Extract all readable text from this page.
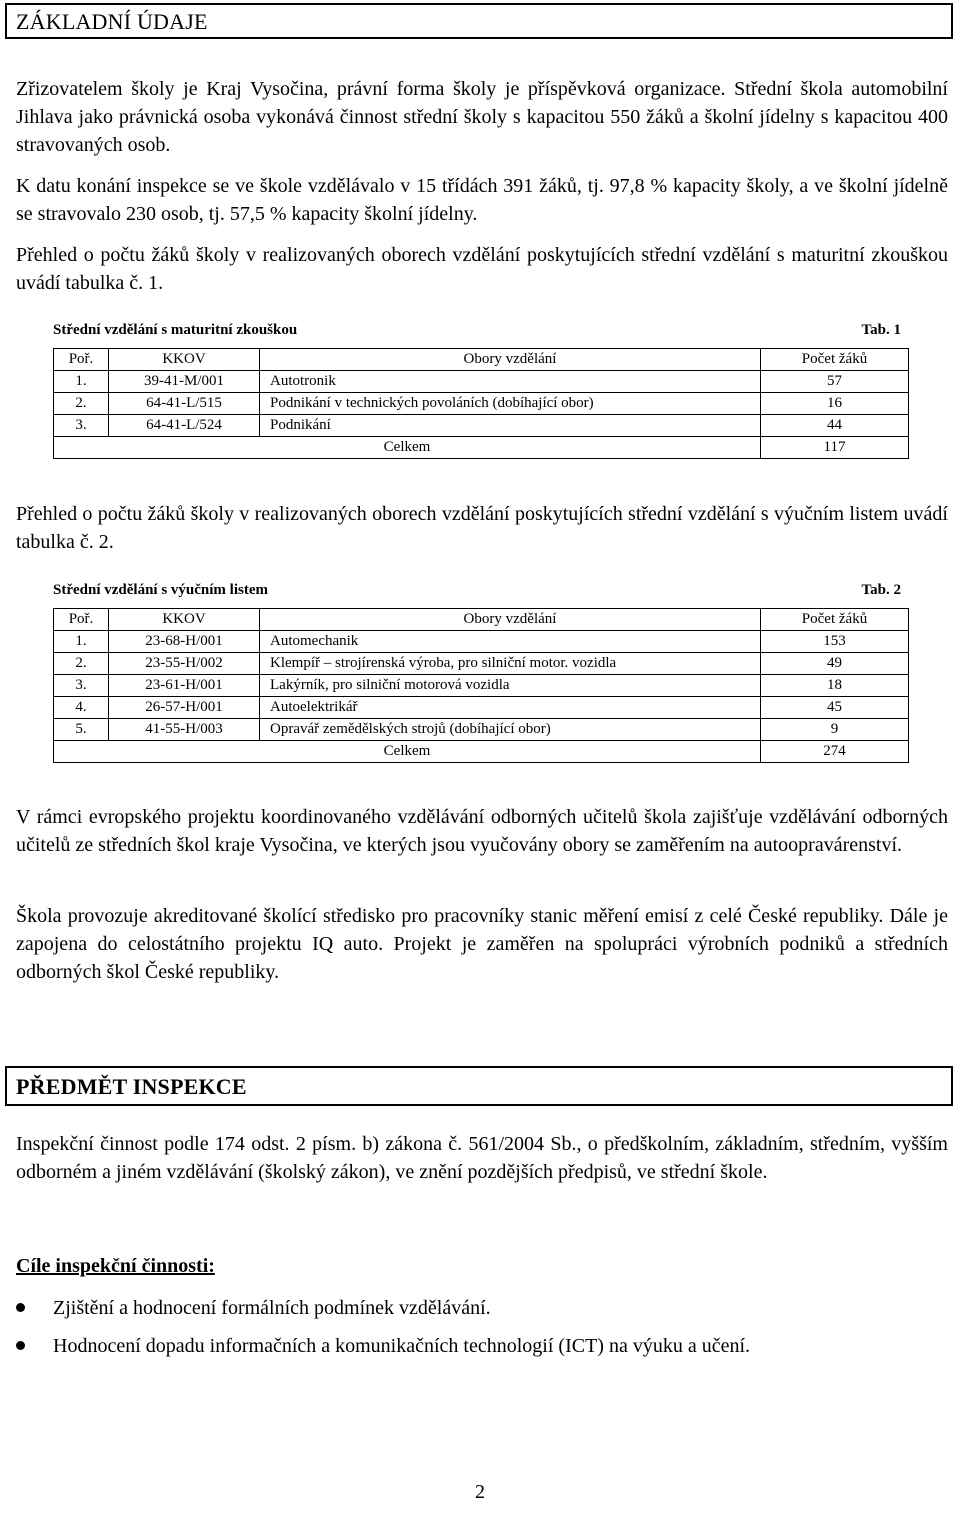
ZÁKLADNÍ ÚDAJE
Zřizovatelem školy je Kraj Vysočina, právní forma školy je příspěvková organizace. Střední škola automobilní Jihlava jako právnická osoba vykonává činnost střední školy s kapacitou 550 žáků a školní jídelny s kapacitou 400 stravovaných osob.
K datu konání inspekce se ve škole vzdělávalo v 15 třídách 391 žáků, tj. 97,8 % kapacity školy, a ve školní jídelně se stravovalo 230 osob, tj. 57,5 % kapacity školní jídelny.
Přehled o počtu žáků školy v realizovaných oborech vzdělání poskytujících střední vzdělání s maturitní zkouškou uvádí tabulka č. 1.
Střední vzdělání s maturitní zkouškou	Tab. 1
Poř.	KKOV	Obory vzdělání	Počet žáků
1.	39-41-M/001	Autotronik	57
2.	64-41-L/515	Podnikání v technických povoláních (dobíhající obor)	16
3.	64-41-L/524	Podnikání	44
Celkem			117
Přehled o počtu žáků školy v realizovaných oborech vzdělání poskytujících střední vzdělání s výučním listem uvádí tabulka č. 2.
Střední vzdělání s výučním listem	Tab. 2
Poř.	KKOV	Obory vzdělání	Počet žáků
1.	23-68-H/001	Automechanik	153
2.	23-55-H/002	Klempíř – strojírenská výroba, pro silniční motor. vozidla	49
3.	23-61-H/001	Lakýrník, pro silniční motorová vozidla	18
4.	26-57-H/001	Autoelektrikář	45
5.	41-55-H/003	Opravář zemědělských strojů (dobíhající obor)	9
Celkem			274
V rámci evropského projektu koordinovaného vzdělávání odborných učitelů škola zajišťuje vzdělávání odborných učitelů ze středních škol kraje Vysočina, ve kterých jsou vyučovány obory se zaměřením na autoopravárenství.
Škola provozuje akreditované školící středisko pro pracovníky stanic měření emisí z celé České republiky. Dále je zapojena do celostátního projektu IQ auto. Projekt je zaměřen na spolupráci výrobních podniků a středních odborných škol České republiky.
PŘEDMĚT INSPEKCE
Inspekční činnost podle 174 odst. 2 písm. b) zákona č. 561/2004 Sb., o předškolním, základním, středním, vyšším odborném a jiném vzdělávání (školský zákon), ve znění pozdějších předpisů, ve střední škole.
Cíle inspekční činnosti:
Zjištění a hodnocení formálních podmínek vzdělávání.
Hodnocení dopadu informačních a komunikačních technologií (ICT) na výuku a učení.
2
